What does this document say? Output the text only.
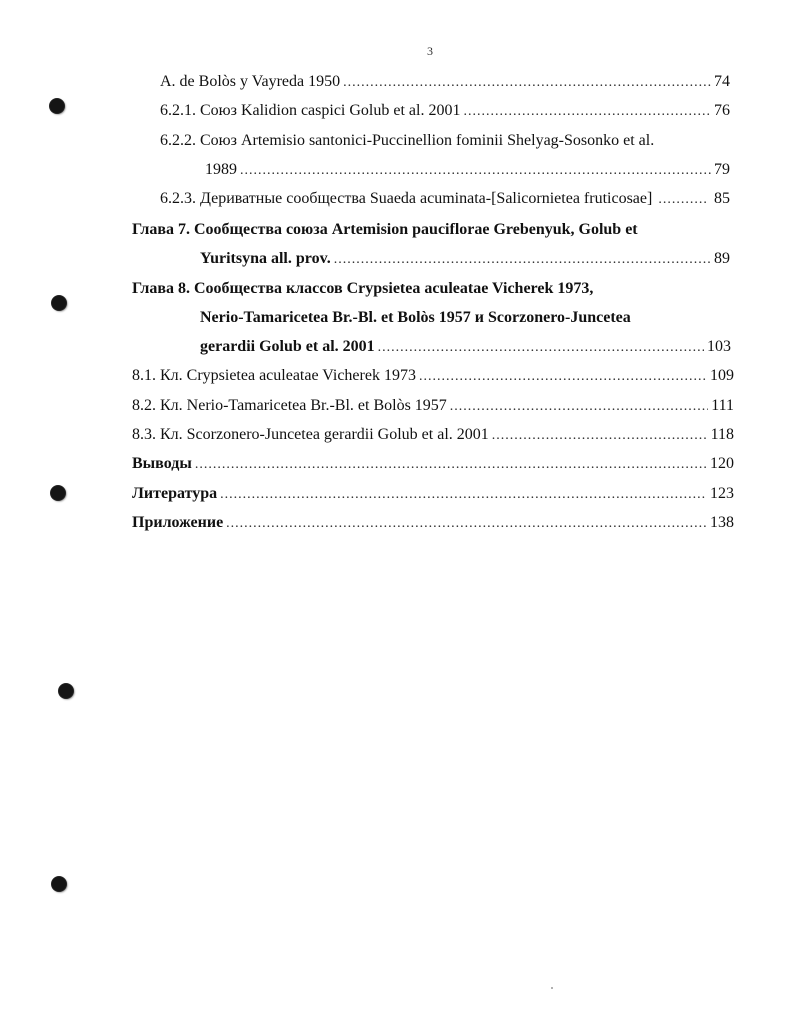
3
A. de Bolòs y Vayreda 1950 .....	74
6.2.1. Союз Kalidion caspici Golub et al. 2001 .....	76
6.2.2. Союз Artemisio santonici-Puccinellion fominii Shelyag-Sosonko et al.
1989 .....	79
6.2.3. Дериватные сообщества Suaeda acuminata-[Salicornietea fruticosae] .....	85
Глава 7. Сообщества союза Artemision pauciflorae Grebenyuk, Golub et
Yuritsyna all. prov. .....	89
Глава 8. Сообщества классов Crypsietea aculeatae Vicherek 1973,
Nerio-Tamaricetea Br.-Bl. et Bolòs 1957 и Scorzonero-Juncetea
gerardii Golub et al. 2001 .....	103
8.1. Кл. Crypsietea aculeatae Vicherek 1973 .....	109
8.2. Кл. Nerio-Tamaricetea Br.-Bl. et Bolòs 1957 .....	111
8.3. Кл. Scorzonero-Juncetea gerardii Golub et al. 2001 .....	118
Выводы .....	120
Литература .....	123
Приложение .....	138
